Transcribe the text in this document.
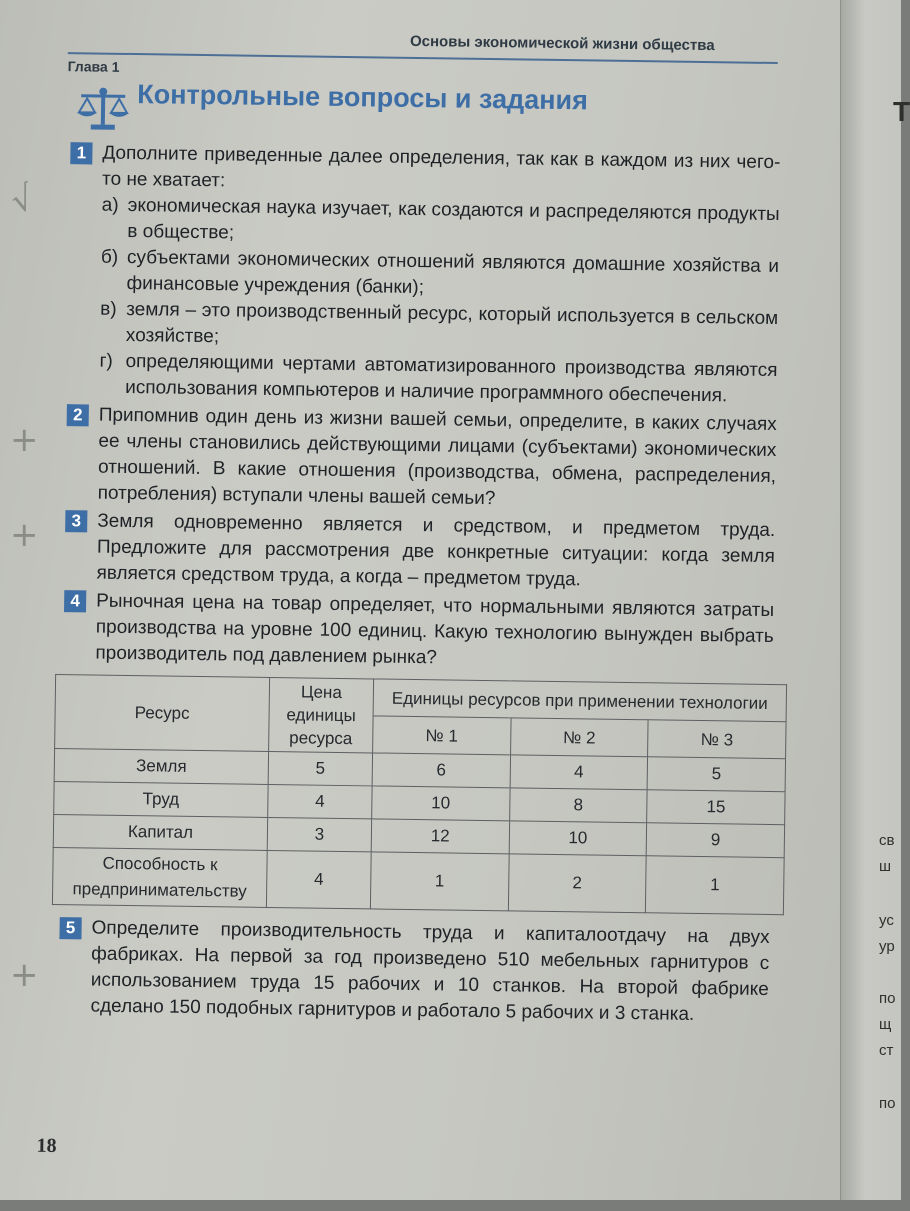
Т
св
ш
ус
ур
по
щ
ст
по
√
+
+
+
Основы экономической жизни общества
Глава 1
Контрольные вопросы и задания
1 Дополните приведенные далее определения, так как в каждом из них чего-то не хватает:
а) экономическая наука изучает, как создаются и распределяются продукты в обществе;
б) субъектами экономических отношений являются домашние хозяйства и финансовые учреждения (банки);
в) земля – это производственный ресурс, который используется в сельском хозяйстве;
г) определяющими чертами автоматизированного производства являются использования компьютеров и наличие программного обеспечения.
2 Припомнив один день из жизни вашей семьи, определите, в каких случаях ее члены становились действующими лицами (субъектами) экономических отношений. В какие отношения (производства, обмена, распределения, потребления) вступали члены вашей семьи?
3 Земля одновременно является и средством, и предметом труда. Предложите для рассмотрения две конкретные ситуации: когда земля является средством труда, а когда – предметом труда.
4 Рыночная цена на товар определяет, что нормальными являются затраты производства на уровне 100 единиц. Какую технологию вынужден выбрать производитель под давлением рынка?
Ресурс	Цена единицы ресурса	Единицы ресурсов при применении технологии		
		№ 1	№ 2	№ 3
Земля	5	6	4	5
Труд	4	10	8	15
Капитал	3	12	10	9
Способность к предпринимательству	4	1	2	1
5 Определите производительность труда и капиталоотдачу на двух фабриках. На первой за год произведено 510 мебельных гарнитуров с использованием труда 15 рабочих и 10 станков. На второй фабрике сделано 150 подобных гарнитуров и работало 5 рабочих и 3 станка.
18
